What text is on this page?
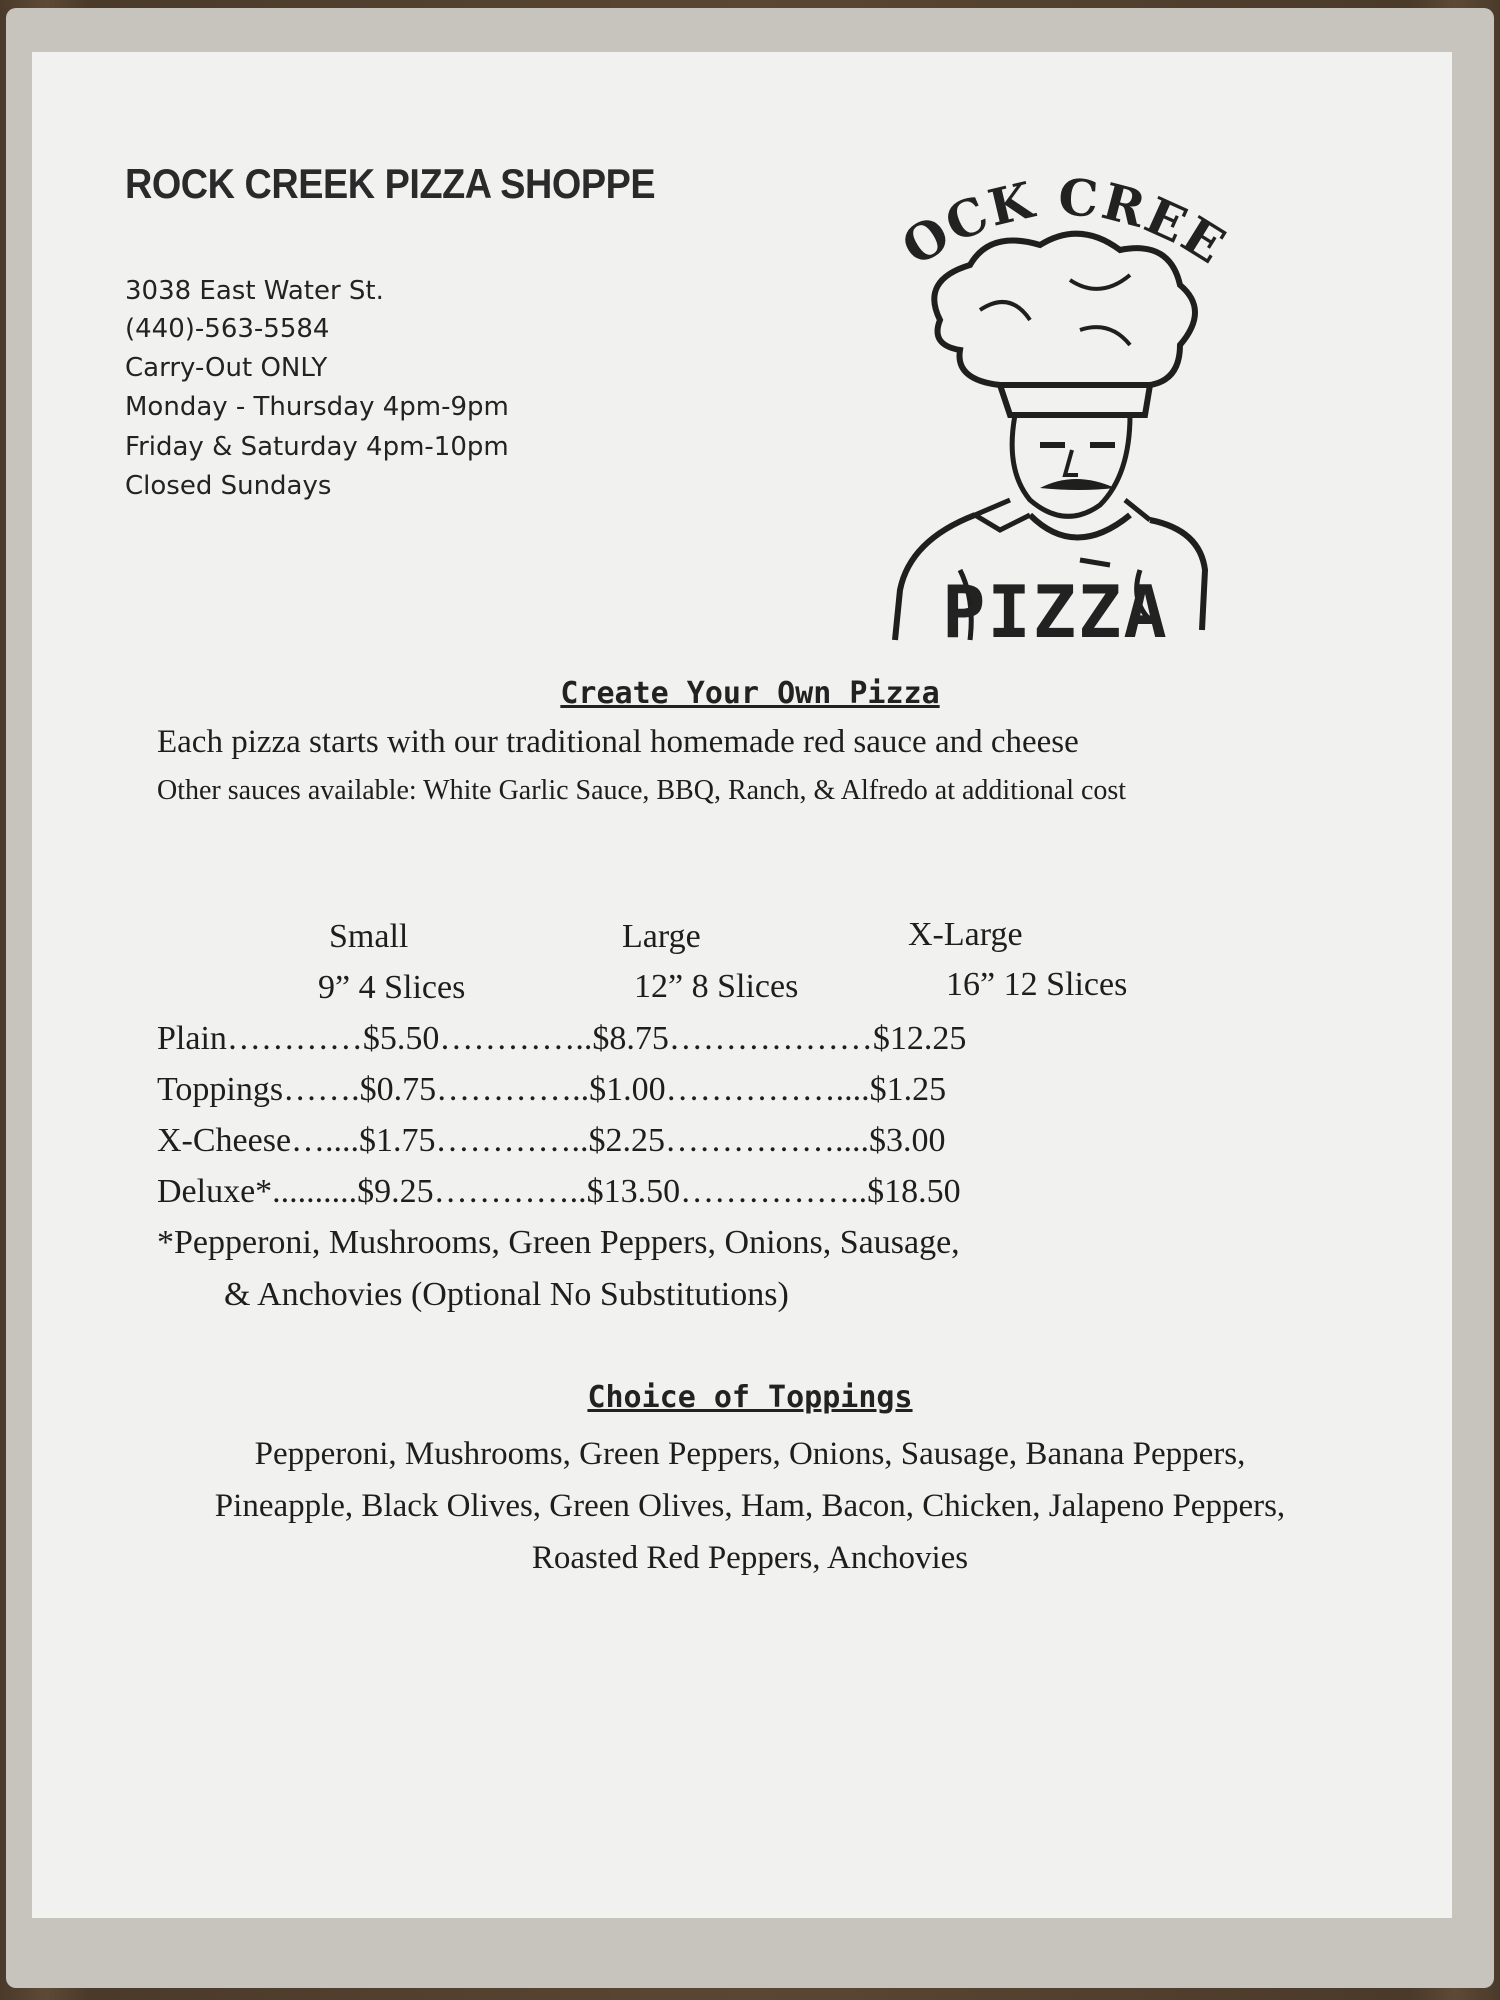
ROCK CREEK PIZZA SHOPPE
3038 East Water St.
(440)-563-5584
Carry-Out ONLY
Monday - Thursday 4pm-9pm
Friday & Saturday 4pm-10pm
Closed Sundays
OCK CREE
PIZZA
Create Your Own Pizza
Each pizza starts with our traditional homemade red sauce and cheese
Other sauces available: White Garlic Sauce, BBQ, Ranch, & Alfredo at additional cost
Small	Large	X-Large
9” 4 Slices	12” 8 Slices	16” 12 Slices
Plain…………$5.50…………..$8.75………………$12.25
Toppings…….$0.75…………..$1.00……………....$1.25
X-Cheese…....$1.75…………..$2.25……………....$3.00
Deluxe*..........$9.25…………..$13.50……………..$18.50
*Pepperoni, Mushrooms, Green Peppers, Onions, Sausage,
& Anchovies (Optional No Substitutions)
Choice of Toppings
Pepperoni, Mushrooms, Green Peppers, Onions, Sausage, Banana Peppers, Pineapple, Black Olives, Green Olives, Ham, Bacon, Chicken, Jalapeno Peppers, Roasted Red Peppers, Anchovies
